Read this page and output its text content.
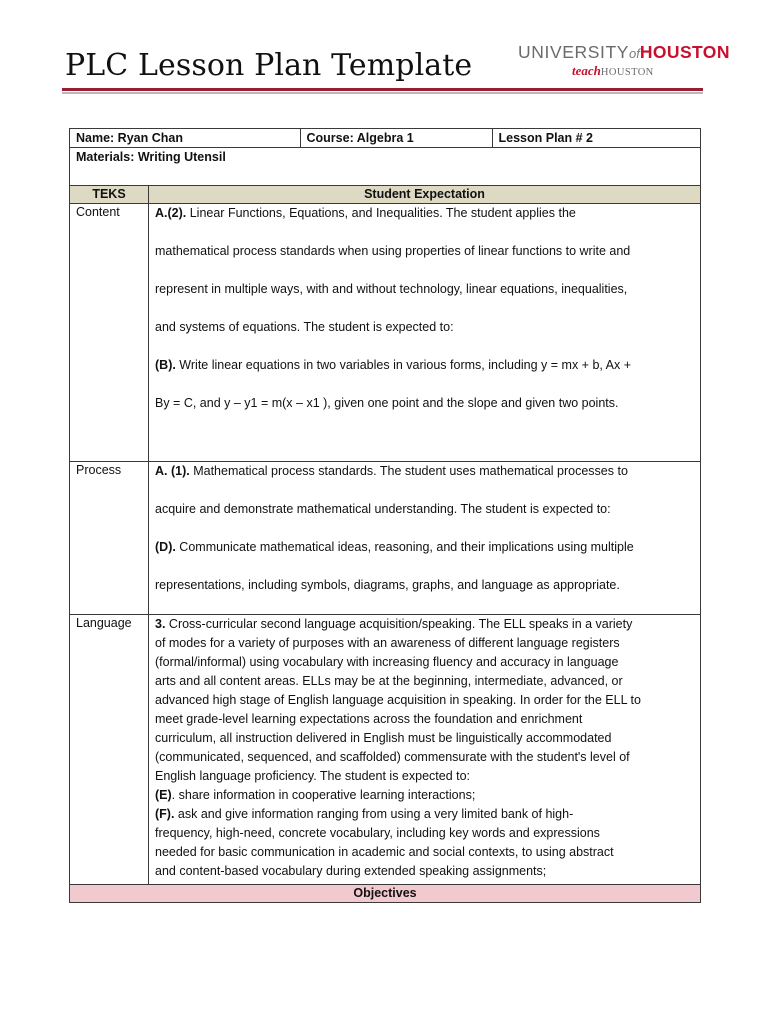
PLC Lesson Plan Template	UNIVERSITYofHOUSTON
teachHOUSTON
Name: Ryan Chan	Course: Algebra 1	Lesson Plan # 2

Materials: Writing Utensil
TEKS	Student Expectation
Content	A.(2). Linear Functions, Equations, and Inequalities. The student applies the

mathematical process standards when using properties of linear functions to write and

represent in multiple ways, with and without technology, linear equations, inequalities,

and systems of equations. The student is expected to:

(B). Write linear equations in two variables in various forms, including y = mx + b, Ax +

By = C, and y – y1 = m(x – x1 ), given one point and the slope and given two points.

Process	A. (1). Mathematical process standards. The student uses mathematical processes to

acquire and demonstrate mathematical understanding. The student is expected to:

(D). Communicate mathematical ideas, reasoning, and their implications using multiple

representations, including symbols, diagrams, graphs, and language as appropriate.

Language	3. Cross-curricular second language acquisition/speaking. The ELL speaks in a variety

of modes for a variety of purposes with an awareness of different language registers

(formal/informal) using vocabulary with increasing fluency and accuracy in language

arts and all content areas. ELLs may be at the beginning, intermediate, advanced, or

advanced high stage of English language acquisition in speaking. In order for the ELL to

meet grade-level learning expectations across the foundation and enrichment

curriculum, all instruction delivered in English must be linguistically accommodated

(communicated, sequenced, and scaffolded) commensurate with the student's level of

English language proficiency. The student is expected to:

(E). share information in cooperative learning interactions;

(F). ask and give information ranging from using a very limited bank of high-

frequency, high-need, concrete vocabulary, including key words and expressions

needed for basic communication in academic and social contexts, to using abstract

and content-based vocabulary during extended speaking assignments;

Objectives
